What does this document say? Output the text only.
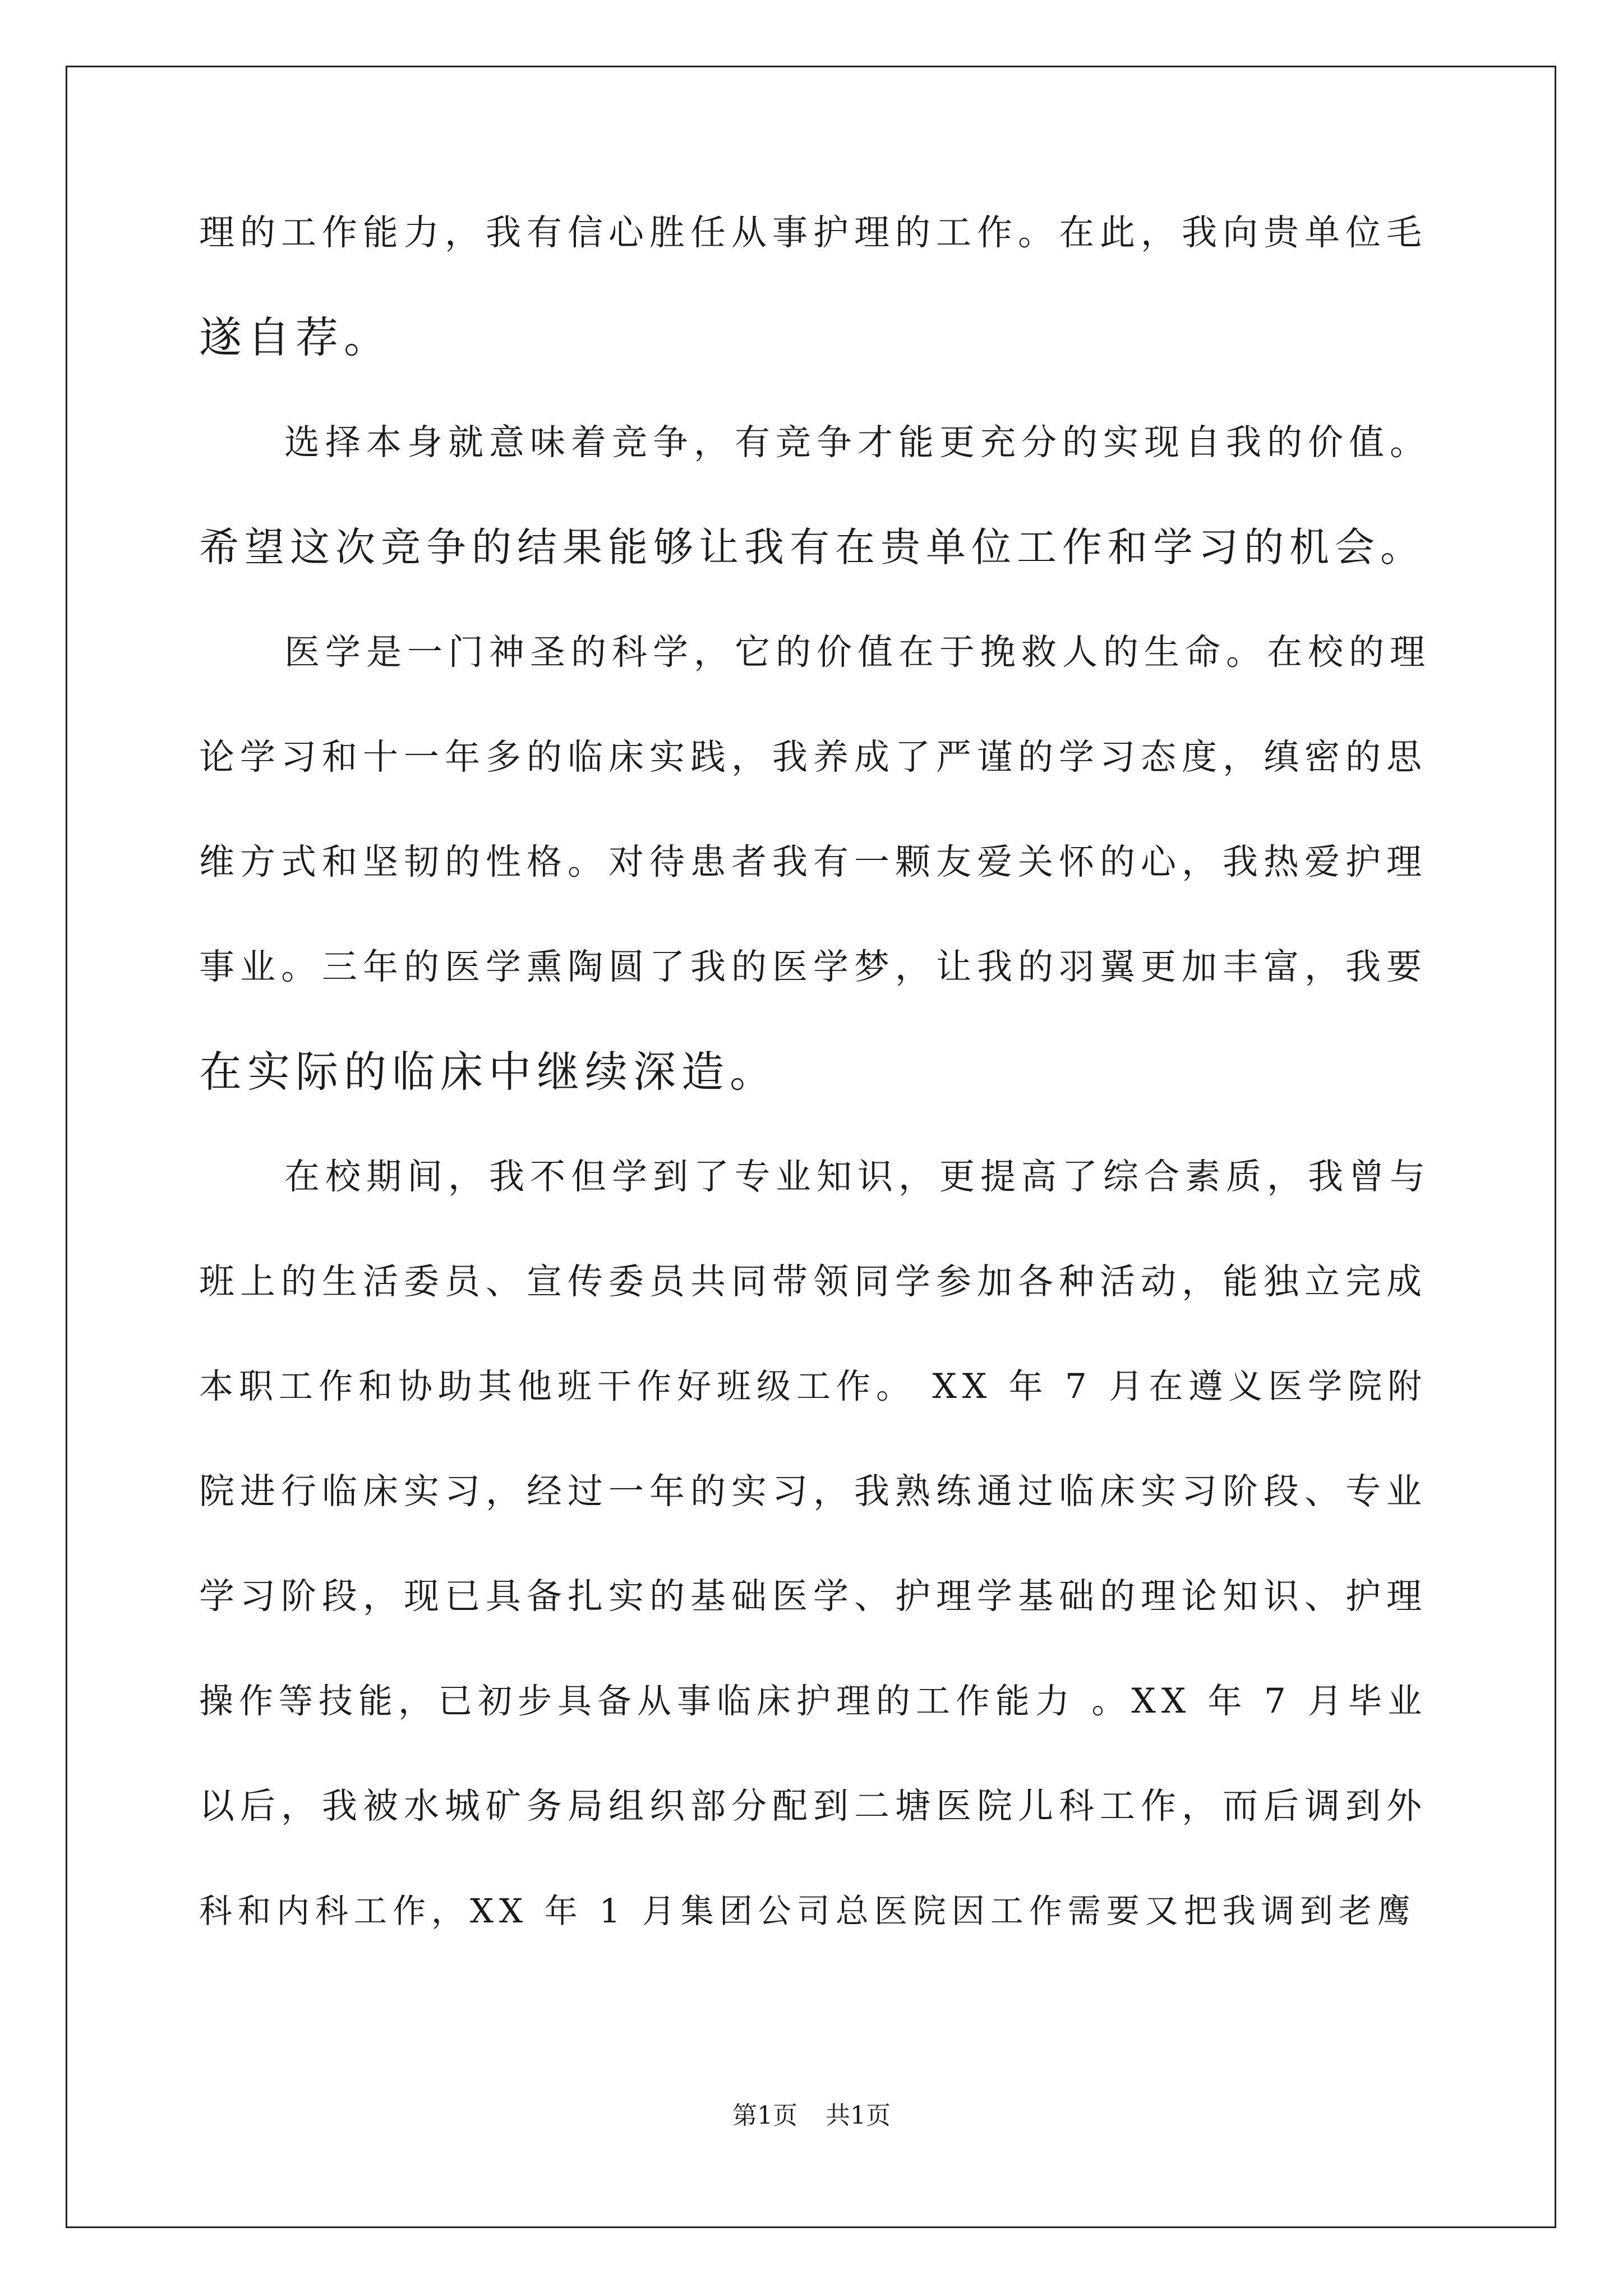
理的工作能力，我有信心胜任从事护理的工作。在此，我向贵单位毛
遂自荐。
选择本身就意味着竞争，有竞争才能更充分的实现自我的价值。
希望这次竞争的结果能够让我有在贵单位工作和学习的机会。
医学是一门神圣的科学，它的价值在于挽救人的生命。在校的理
论学习和十一年多的临床实践，我养成了严谨的学习态度，缜密的思
维方式和坚韧的性格。对待患者我有一颗友爱关怀的心，我热爱护理
事业。三年的医学熏陶圆了我的医学梦，让我的羽翼更加丰富，我要
在实际的临床中继续深造。
在校期间，我不但学到了专业知识，更提高了综合素质，我曾与
班上的生活委员、宣传委员共同带领同学参加各种活动，能独立完成
本职工作和协助其他班干作好班级工作。 XX 年 7 月在遵义医学院附
院进行临床实习，经过一年的实习，我熟练通过临床实习阶段、专业
学习阶段，现已具备扎实的基础医学、护理学基础的理论知识、护理
操作等技能，已初步具备从事临床护理的工作能力 。XX 年 7 月毕业
以后，我被水城矿务局组织部分配到二塘医院儿科工作，而后调到外
科和内科工作，XX 年 1 月集团公司总医院因工作需要又把我调到老鹰
第1页 共1页
